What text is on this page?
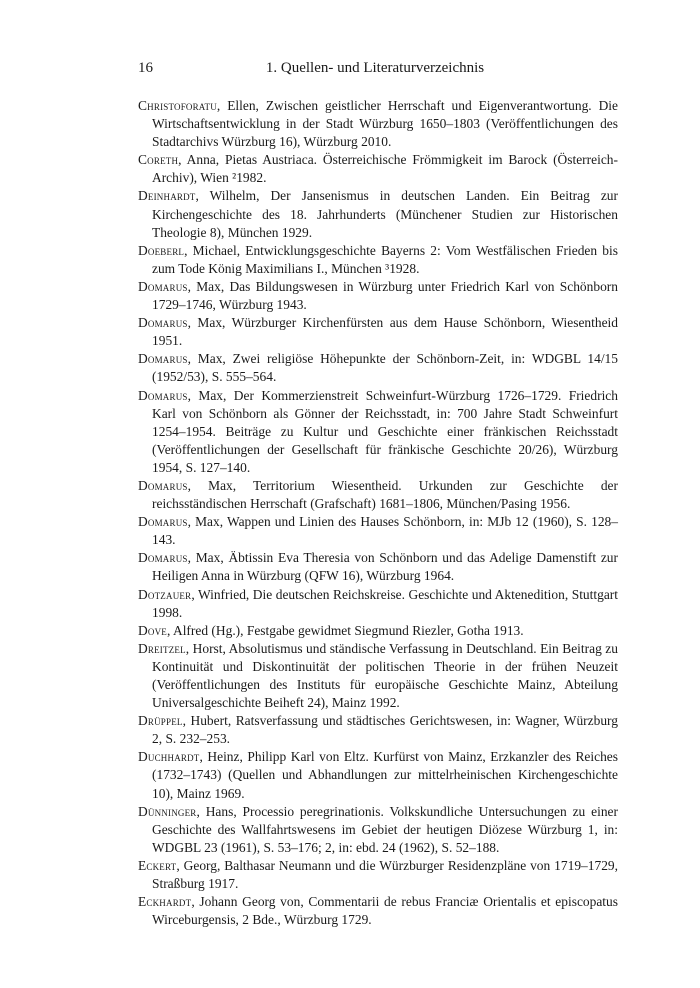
16	1. Quellen- und Literaturverzeichnis
Christoforatu, Ellen, Zwischen geistlicher Herrschaft und Eigenverantwortung. Die Wirtschaftsentwicklung in der Stadt Würzburg 1650–1803 (Veröffentlichungen des Stadtarchivs Würzburg 16), Würzburg 2010.
Coreth, Anna, Pietas Austriaca. Österreichische Frömmigkeit im Barock (Österreich-Archiv), Wien ²1982.
Deinhardt, Wilhelm, Der Jansenismus in deutschen Landen. Ein Beitrag zur Kirchengeschichte des 18. Jahrhunderts (Münchener Studien zur Historischen Theologie 8), München 1929.
Doeberl, Michael, Entwicklungsgeschichte Bayerns 2: Vom Westfälischen Frieden bis zum Tode König Maximilians I., München ³1928.
Domarus, Max, Das Bildungswesen in Würzburg unter Friedrich Karl von Schönborn 1729–1746, Würzburg 1943.
Domarus, Max, Würzburger Kirchenfürsten aus dem Hause Schönborn, Wiesentheid 1951.
Domarus, Max, Zwei religiöse Höhepunkte der Schönborn-Zeit, in: WDGBL 14/15 (1952/53), S. 555–564.
Domarus, Max, Der Kommerzienstreit Schweinfurt-Würzburg 1726–1729. Friedrich Karl von Schönborn als Gönner der Reichsstadt, in: 700 Jahre Stadt Schweinfurt 1254–1954. Beiträge zu Kultur und Geschichte einer fränkischen Reichsstadt (Veröffentlichungen der Gesellschaft für fränkische Geschichte 20/26), Würzburg 1954, S. 127–140.
Domarus, Max, Territorium Wiesentheid. Urkunden zur Geschichte der reichsständischen Herrschaft (Grafschaft) 1681–1806, München/Pasing 1956.
Domarus, Max, Wappen und Linien des Hauses Schönborn, in: MJb 12 (1960), S. 128–143.
Domarus, Max, Äbtissin Eva Theresia von Schönborn und das Adelige Damenstift zur Heiligen Anna in Würzburg (QFW 16), Würzburg 1964.
Dotzauer, Winfried, Die deutschen Reichskreise. Geschichte und Aktenedition, Stuttgart 1998.
Dove, Alfred (Hg.), Festgabe gewidmet Siegmund Riezler, Gotha 1913.
Dreitzel, Horst, Absolutismus und ständische Verfassung in Deutschland. Ein Beitrag zu Kontinuität und Diskontinuität der politischen Theorie in der frühen Neuzeit (Veröffentlichungen des Instituts für europäische Geschichte Mainz, Abteilung Universalgeschichte Beiheft 24), Mainz 1992.
Drüppel, Hubert, Ratsverfassung und städtisches Gerichtswesen, in: Wagner, Würzburg 2, S. 232–253.
Duchhardt, Heinz, Philipp Karl von Eltz. Kurfürst von Mainz, Erzkanzler des Reiches (1732–1743) (Quellen und Abhandlungen zur mittelrheinischen Kirchengeschichte 10), Mainz 1969.
Dünninger, Hans, Processio peregrinationis. Volkskundliche Untersuchungen zu einer Geschichte des Wallfahrtswesens im Gebiet der heutigen Diözese Würzburg 1, in: WDGBL 23 (1961), S. 53–176; 2, in: ebd. 24 (1962), S. 52–188.
Eckert, Georg, Balthasar Neumann und die Würzburger Residenzpläne von 1719–1729, Straßburg 1917.
Eckhardt, Johann Georg von, Commentarii de rebus Franciæ Orientalis et episcopatus Wirceburgensis, 2 Bde., Würzburg 1729.
